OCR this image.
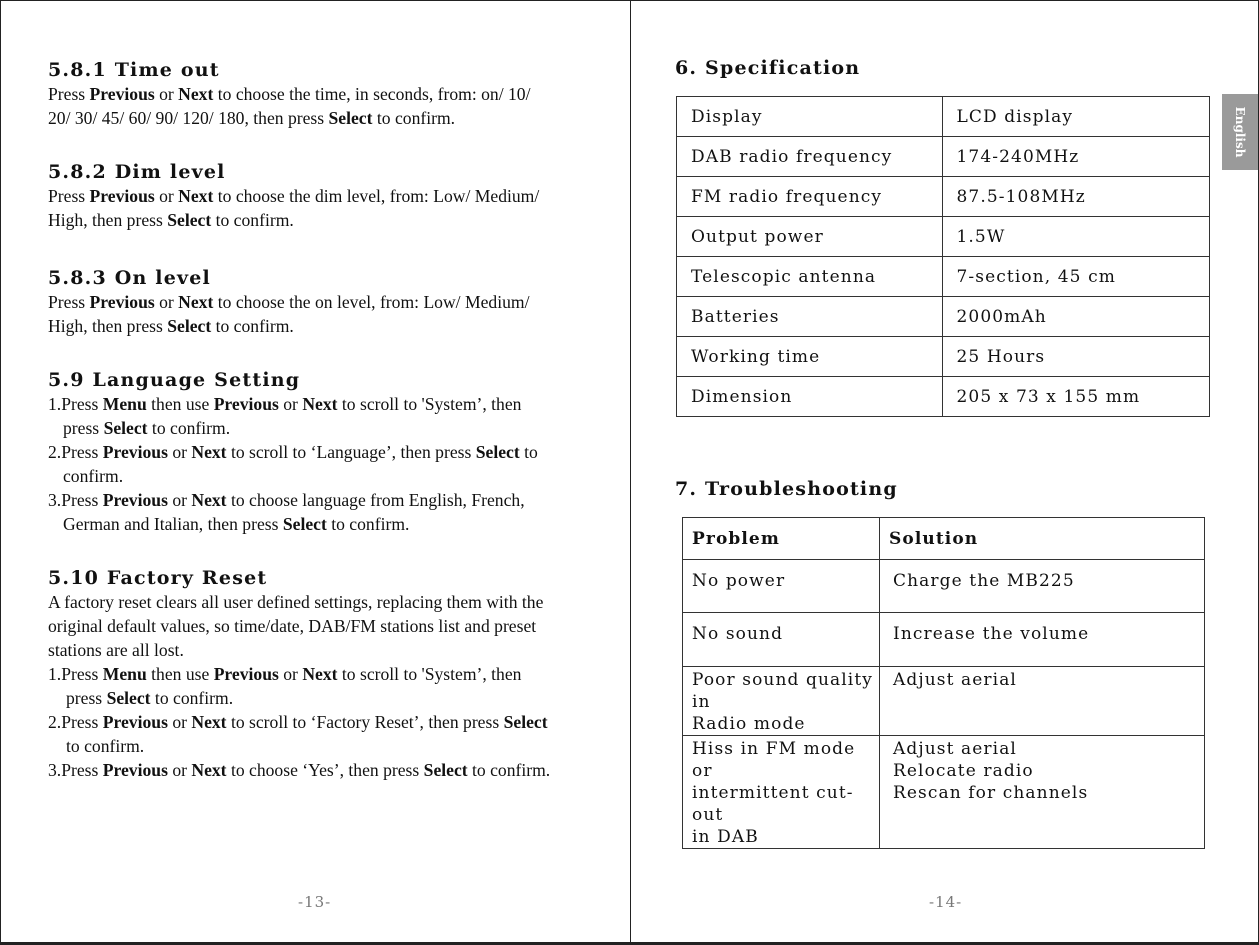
5.8.1 Time out

Press Previous or Next to choose the time, in seconds, from: on/ 10/

20/ 30/ 45/ 60/ 90/ 120/ 180, then press Select to confirm.

5.8.2 Dim level

Press Previous or Next to choose the dim level, from: Low/ Medium/

High, then press Select to confirm.

5.8.3 On level

Press Previous or Next to choose the on level, from: Low/ Medium/

High, then press Select to confirm.

5.9 Language Setting

1.Press Menu then use Previous or Next to scroll to 'System’, then

press Select to confirm.

2.Press Previous or Next to scroll to ‘Language’, then press Select to

confirm.

3.Press Previous or Next to choose language from English, French,

German and Italian, then press Select to confirm.

5.10 Factory Reset

A factory reset clears all user defined settings, replacing them with the

original default values, so time/date, DAB/FM stations list and preset

stations are all lost.

1.Press Menu then use Previous or Next to scroll to 'System’, then

press Select to confirm.

2.Press Previous or Next to scroll to ‘Factory Reset’, then press Select

to confirm.

3.Press Previous or Next to choose ‘Yes’, then press Select to confirm.

-13-
6. Specification
Display	LCD display
DAB radio frequency	174-240MHz
FM radio frequency	87.5-108MHz
Output power	1.5W
Telescopic antenna	7-section, 45 cm
Batteries	2000mAh
Working time	25 Hours
Dimension	205 x 73 x 155 mm
7. Troubleshooting
Problem	Solution
No power	Charge the MB225
No sound	Increase the volume
Poor sound quality in
Radio mode	Adjust aerial
Hiss in FM mode or
intermittent cut-out
in DAB	Adjust aerial
Relocate radio
Rescan for channels
-14-
English
